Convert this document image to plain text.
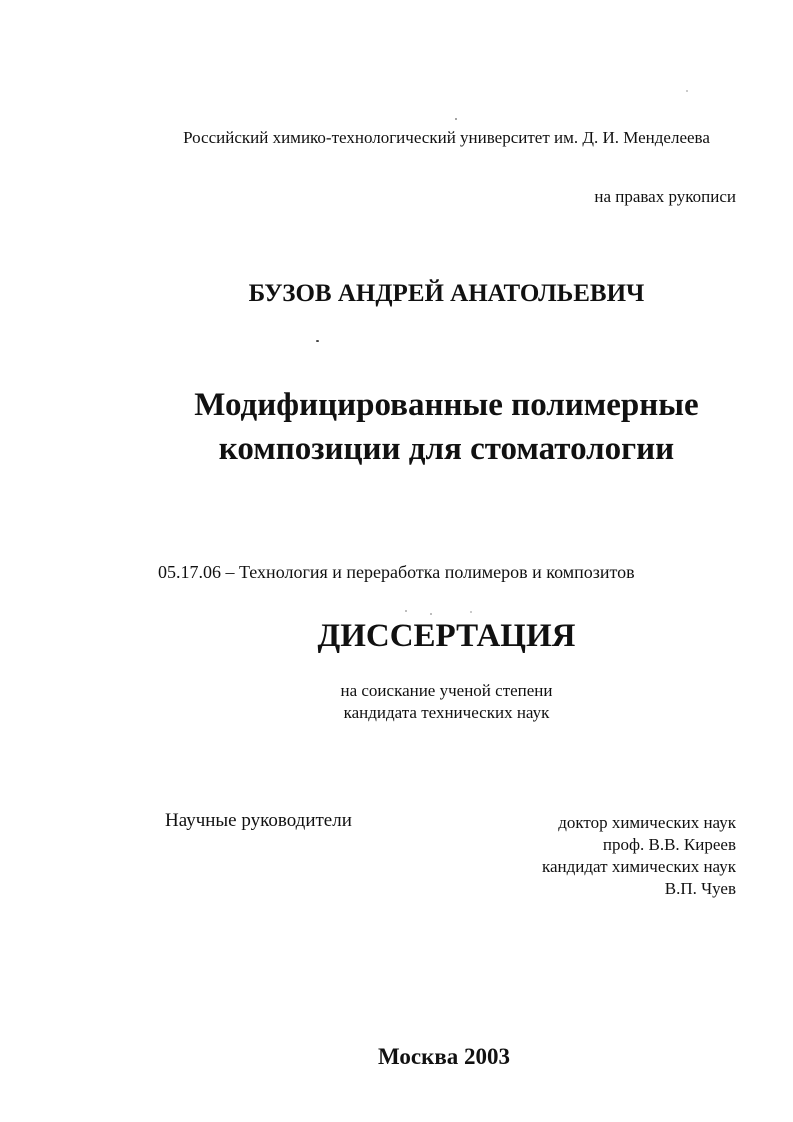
Российский химико-технологический университет им. Д. И. Менделеева
на правах рукописи
БУЗОВ АНДРЕЙ АНАТОЛЬЕВИЧ
Модифицированные полимерные
композиции для стоматологии
05.17.06 – Технология и переработка полимеров и композитов
ДИССЕРТАЦИЯ
на соискание ученой степени
кандидата технических наук
Научные руководители	доктор химических наук
проф. В.В. Киреев
кандидат химических наук
В.П. Чуев
Москва 2003
